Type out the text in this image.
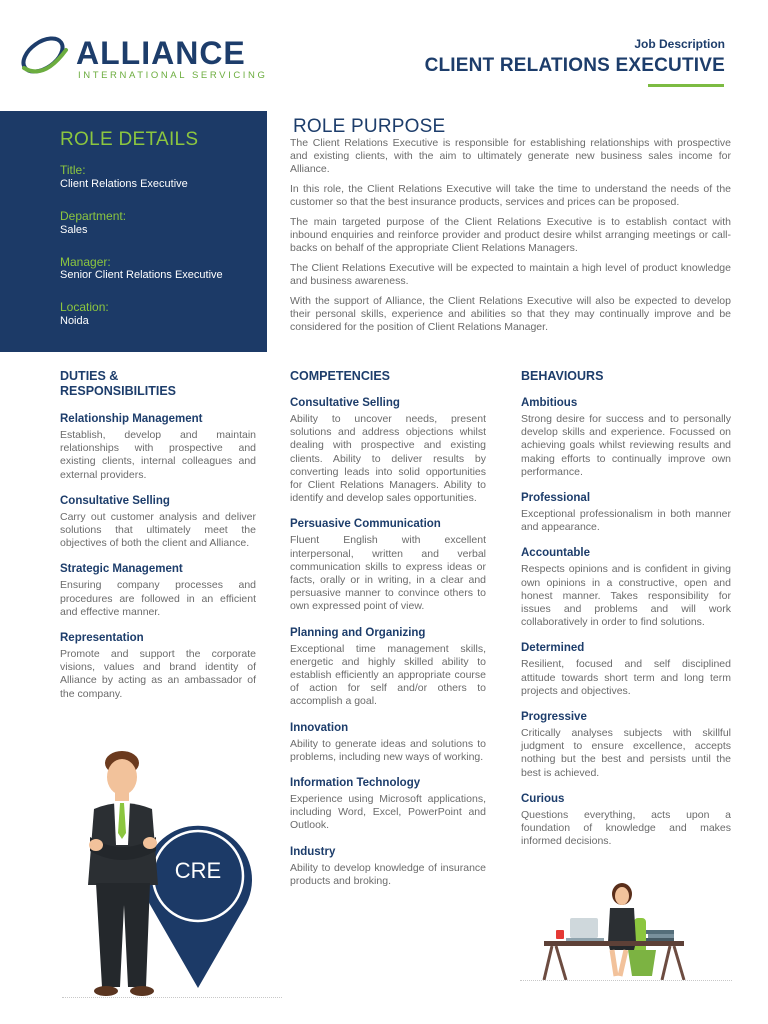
ALLIANCE
INTERNATIONAL SERVICING
Job Description
CLIENT RELATIONS EXECUTIVE
ROLE DETAILS
Title:
Client Relations Executive
Department:
Sales
Manager:
Senior Client Relations Executive
Location:
Noida
ROLE PURPOSE

The Client Relations Executive is responsible for establishing relationships with prospective and existing clients, with the aim to ultimately generate new business sales income for Alliance.

In this role, the Client Relations Executive will take the time to understand the needs of the customer so that the best insurance products, services and prices can be proposed.

The main targeted purpose of the Client Relations Executive is to establish contact with inbound enquiries and reinforce provider and product desire whilst arranging meetings or call-backs on behalf of the appropriate Client Relations Managers.

The Client Relations Executive will be expected to maintain a high level of product knowledge and business awareness.

With the support of Alliance, the Client Relations Executive will also be expected to develop their personal skills, experience and abilities so that they may continually improve and be considered for the position of Client Relations Manager.

DUTIES & RESPONSIBILITIES
Relationship Management

Establish, develop and maintain relationships with prospective and existing clients, internal colleagues and external providers.

Consultative Selling

Carry out customer analysis and deliver solutions that ultimately meet the objectives of both the client and Alliance.

Strategic Management

Ensuring company processes and procedures are followed in an efficient and effective manner.

Representation

Promote and support the corporate visions, values and brand identity of Alliance by acting as an ambassador of the company.

COMPETENCIES
Consultative Selling

Ability to uncover needs, present solutions and address objections whilst dealing with prospective and existing clients. Ability to deliver results by converting leads into solid opportunities for Client Relations Managers. Ability to identify and develop sales opportunities.

Persuasive Communication

Fluent English with excellent interpersonal, written and verbal communication skills to express ideas or facts, orally or in writing, in a clear and persuasive manner to convince others to own expressed point of view.

Planning and Organizing

Exceptional time management skills, energetic and highly skilled ability to establish efficiently an appropriate course of action for self and/or others to accomplish a goal.

Innovation

Ability to generate ideas and solutions to problems, including new ways of working.

Information Technology

Experience using Microsoft applications, including Word, Excel, PowerPoint and Outlook.

Industry

Ability to develop knowledge of insurance products and broking.

BEHAVIOURS
Ambitious

Strong desire for success and to personally develop skills and experience. Focussed on achieving goals whilst reviewing results and making efforts to continually improve own performance.

Professional

Exceptional professionalism in both manner and appearance.

Accountable

Respects opinions and is confident in giving own opinions in a constructive, open and honest manner. Takes responsibility for issues and problems and will work collaboratively in order to find solutions.

Determined

Resilient, focused and self disciplined attitude towards short term and long term projects and objectives.

Progressive

Critically analyses subjects with skillful judgment to ensure excellence, accepts nothing but the best and persists until the best is achieved.

Curious

Questions everything, acts upon a foundation of knowledge and makes informed decisions.

CRE
